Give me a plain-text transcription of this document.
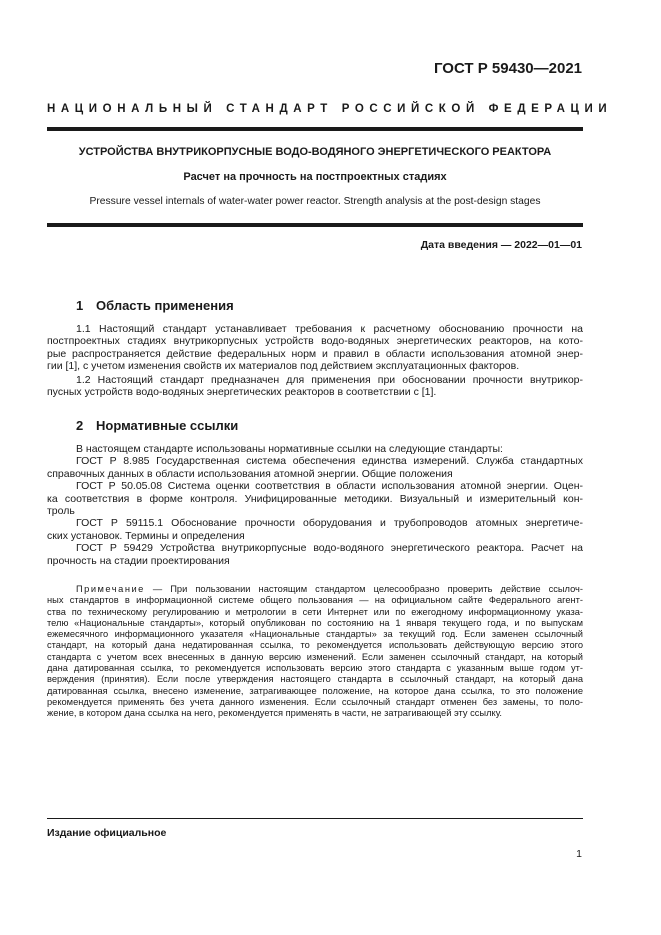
ГОСТ Р 59430—2021
НАЦИОНАЛЬНЫЙ СТАНДАРТ РОССИЙСКОЙ ФЕДЕРАЦИИ
УСТРОЙСТВА ВНУТРИКОРПУСНЫЕ ВОДО-ВОДЯНОГО ЭНЕРГЕТИЧЕСКОГО РЕАКТОРА
Расчет на прочность на постпроектных стадиях
Pressure vessel internals of water-water power reactor. Strength analysis at the post-design stages
Дата введения — 2022—01—01
1 Область применения
1.1 Настоящий стандарт устанавливает требования к расчетному обоснованию прочности на
постпроектных стадиях внутрикорпусных устройств водо-водяных энергетических реакторов, на кото-
рые распространяется действие федеральных норм и правил в области использования атомной энер-
гии [1], с учетом изменения свойств их материалов под действием эксплуатационных факторов.
1.2 Настоящий стандарт предназначен для применения при обосновании прочности внутрикор-
пусных устройств водо-водяных энергетических реакторов в соответствии с [1].
2 Нормативные ссылки
В настоящем стандарте использованы нормативные ссылки на следующие стандарты:
ГОСТ Р 8.985 Государственная система обеспечения единства измерений. Служба стандартных
справочных данных в области использования атомной энергии. Общие положения
ГОСТ Р 50.05.08 Система оценки соответствия в области использования атомной энергии. Оцен-
ка соответствия в форме контроля. Унифицированные методики. Визуальный и измерительный кон-
троль
ГОСТ Р 59115.1 Обоснование прочности оборудования и трубопроводов атомных энергетиче-
ских установок. Термины и определения
ГОСТ Р 59429 Устройства внутрикорпусные водо-водяного энергетического реактора. Расчет на
прочность на стадии проектирования
Примечание — При пользовании настоящим стандартом целесообразно проверить действие ссылоч-
ных стандартов в информационной системе общего пользования — на официальном сайте Федерального агент-
ства по техническому регулированию и метрологии в сети Интернет или по ежегодному информационному указа-
телю «Национальные стандарты», который опубликован по состоянию на 1 января текущего года, и по выпускам
ежемесячного информационного указателя «Национальные стандарты» за текущий год. Если заменен ссылочный
стандарт, на который дана недатированная ссылка, то рекомендуется использовать действующую версию этого
стандарта с учетом всех внесенных в данную версию изменений. Если заменен ссылочный стандарт, на который
дана датированная ссылка, то рекомендуется использовать версию этого стандарта с указанным выше годом ут-
верждения (принятия). Если после утверждения настоящего стандарта в ссылочный стандарт, на который дана
датированная ссылка, внесено изменение, затрагивающее положение, на которое дана ссылка, то это положение
рекомендуется применять без учета данного изменения. Если ссылочный стандарт отменен без замены, то поло-
жение, в котором дана ссылка на него, рекомендуется применять в части, не затрагивающей эту ссылку.
Издание официальное
1
